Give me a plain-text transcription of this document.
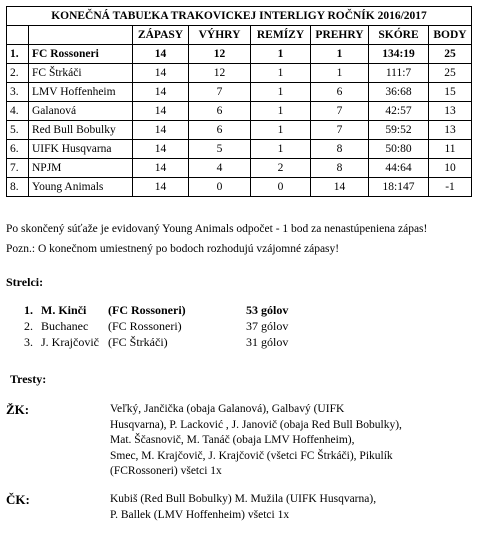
KONEČNÁ TABUĽKA TRAKOVICKEJ INTERLIGY ROČNÍK 2016/2017							
		ZÁPASY	VÝHRY	REMÍZY	PREHRY	SKÓRE	BODY
1.	FC Rossoneri	14	12	1	1	134:19	25
2.	FC Štrkáči	14	12	1	1	111:7	25
3.	LMV Hoffenheim	14	7	1	6	36:68	15
4.	Galanová	14	6	1	7	42:57	13
5.	Red Bull Bobulky	14	6	1	7	59:52	13
6.	UIFK Husqvarna	14	5	1	8	50:80	11
7.	NPJM	14	4	2	8	44:64	10
8.	Young Animals	14	0	0	14	18:147	-1
Po skončený súťaže je evidovaný Young Animals odpočet - 1 bod za nenastúpeniena zápas!
Pozn.: O konečnom umiestnený po bodoch rozhodujú vzájomné zápasy!
Strelci:
1. M. Kinči (FC Rossoneri)	53 gólov
2. Buchanec (FC Rossoneri)	37 gólov
3. J. Krajčovič (FC Štrkáči)	31 gólov
Tresty:
ŽK:	Veľký, Jančička (obaja Galanová), Galbavý (UIFK
Husqvarna), P. Lacković , J. Janovič (obaja Red Bull Bobulky),
Mat. Ščasnovič, M. Tanáč (obaja LMV Hoffenheim),
Smec, M. Krajčovič, J. Krajčovič (všetci FC Štrkáči), Pikulík
(FCRossoneri) všetci 1x
ČK:	Kubiš (Red Bull Bobulky) M. Mužila (UIFK Husqvarna),
P. Ballek (LMV Hoffenheim) všetci 1x
